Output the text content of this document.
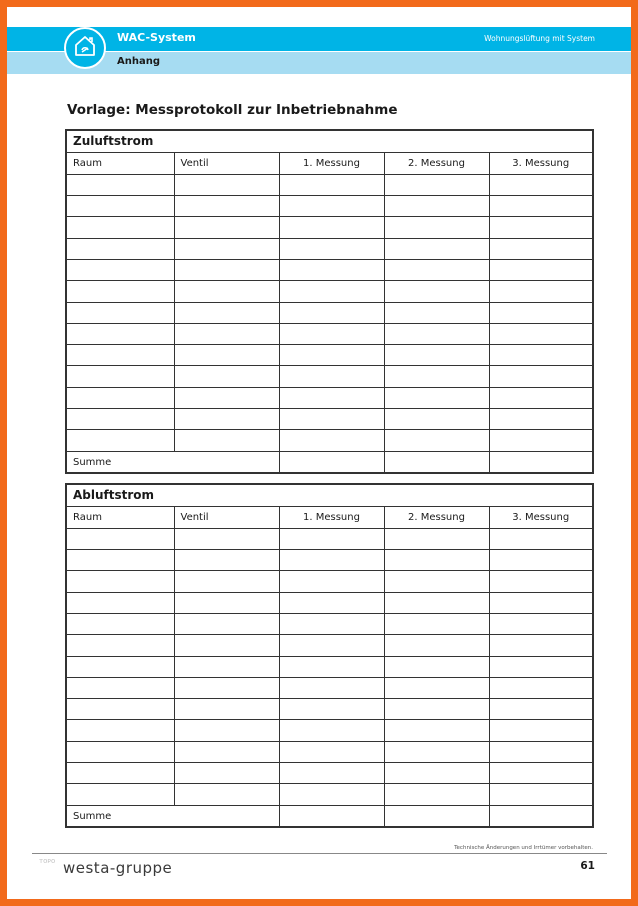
WAC-System	Wohnungslüftung mit System
Anhang
Vorlage: Messprotokoll zur Inbetriebnahme
Zuluftstrom
Raum	Ventil	1. Messung	2. Messung	3. Messung

Summe				
Abluftstrom
Raum	Ventil	1. Messung	2. Messung	3. Messung

Summe				
Technische Änderungen und Irrtümer vorbehalten.
ᴛᴏᴘᴏ westa-gruppe	61
